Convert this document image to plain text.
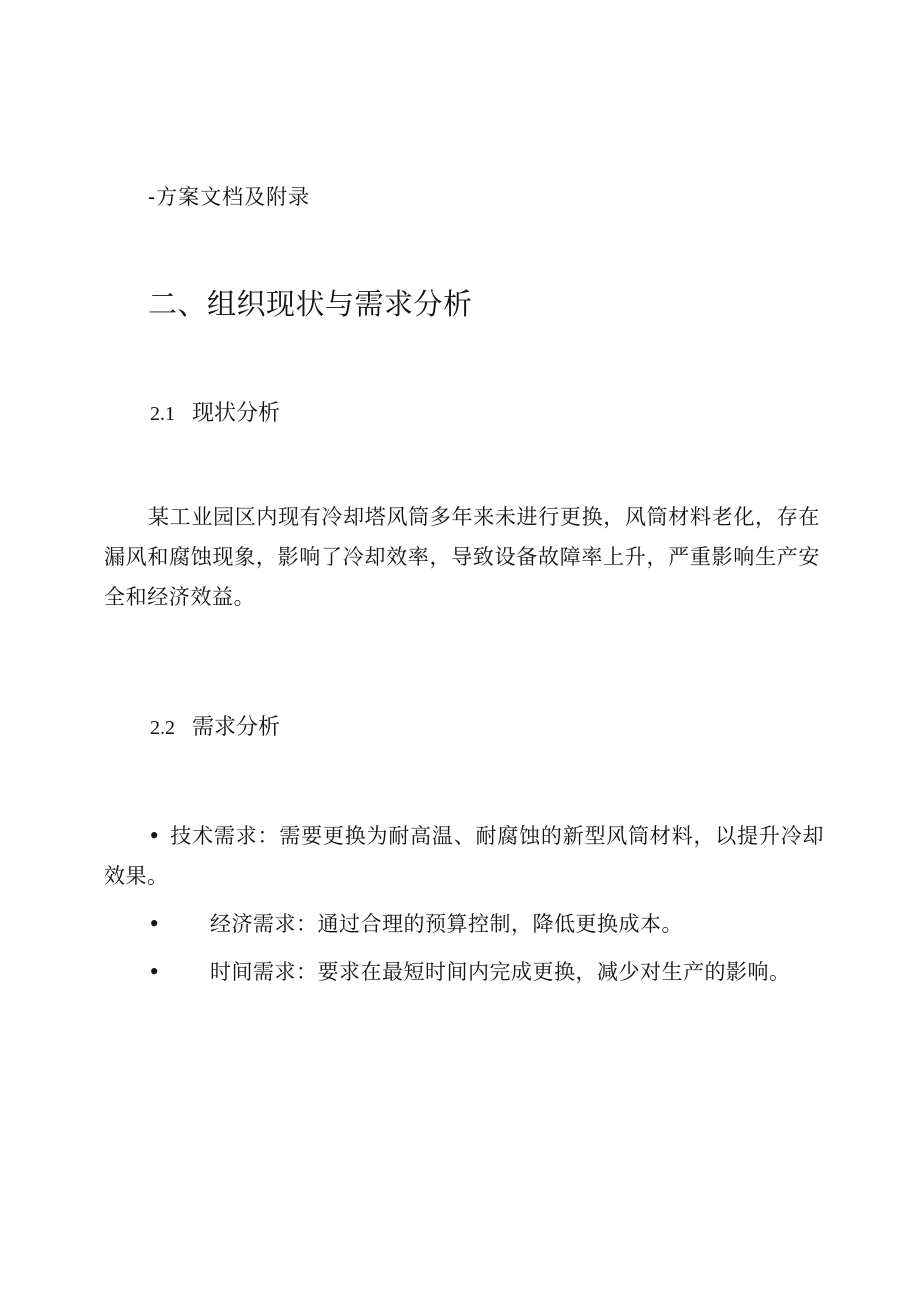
-方案文档及附录
二、组织现状与需求分析
2.1 现状分析
某工业园区内现有冷却塔风筒多年来未进行更换，风筒材料老化，存在漏风和腐蚀现象，影响了冷却效率，导致设备故障率上升，严重影响生产安全和经济效益。
2.2 需求分析
• 技术需求：需要更换为耐高温、耐腐蚀的新型风筒材料，以提升冷却效果。
• 经济需求：通过合理的预算控制，降低更换成本。
• 时间需求：要求在最短时间内完成更换，减少对生产的影响。
